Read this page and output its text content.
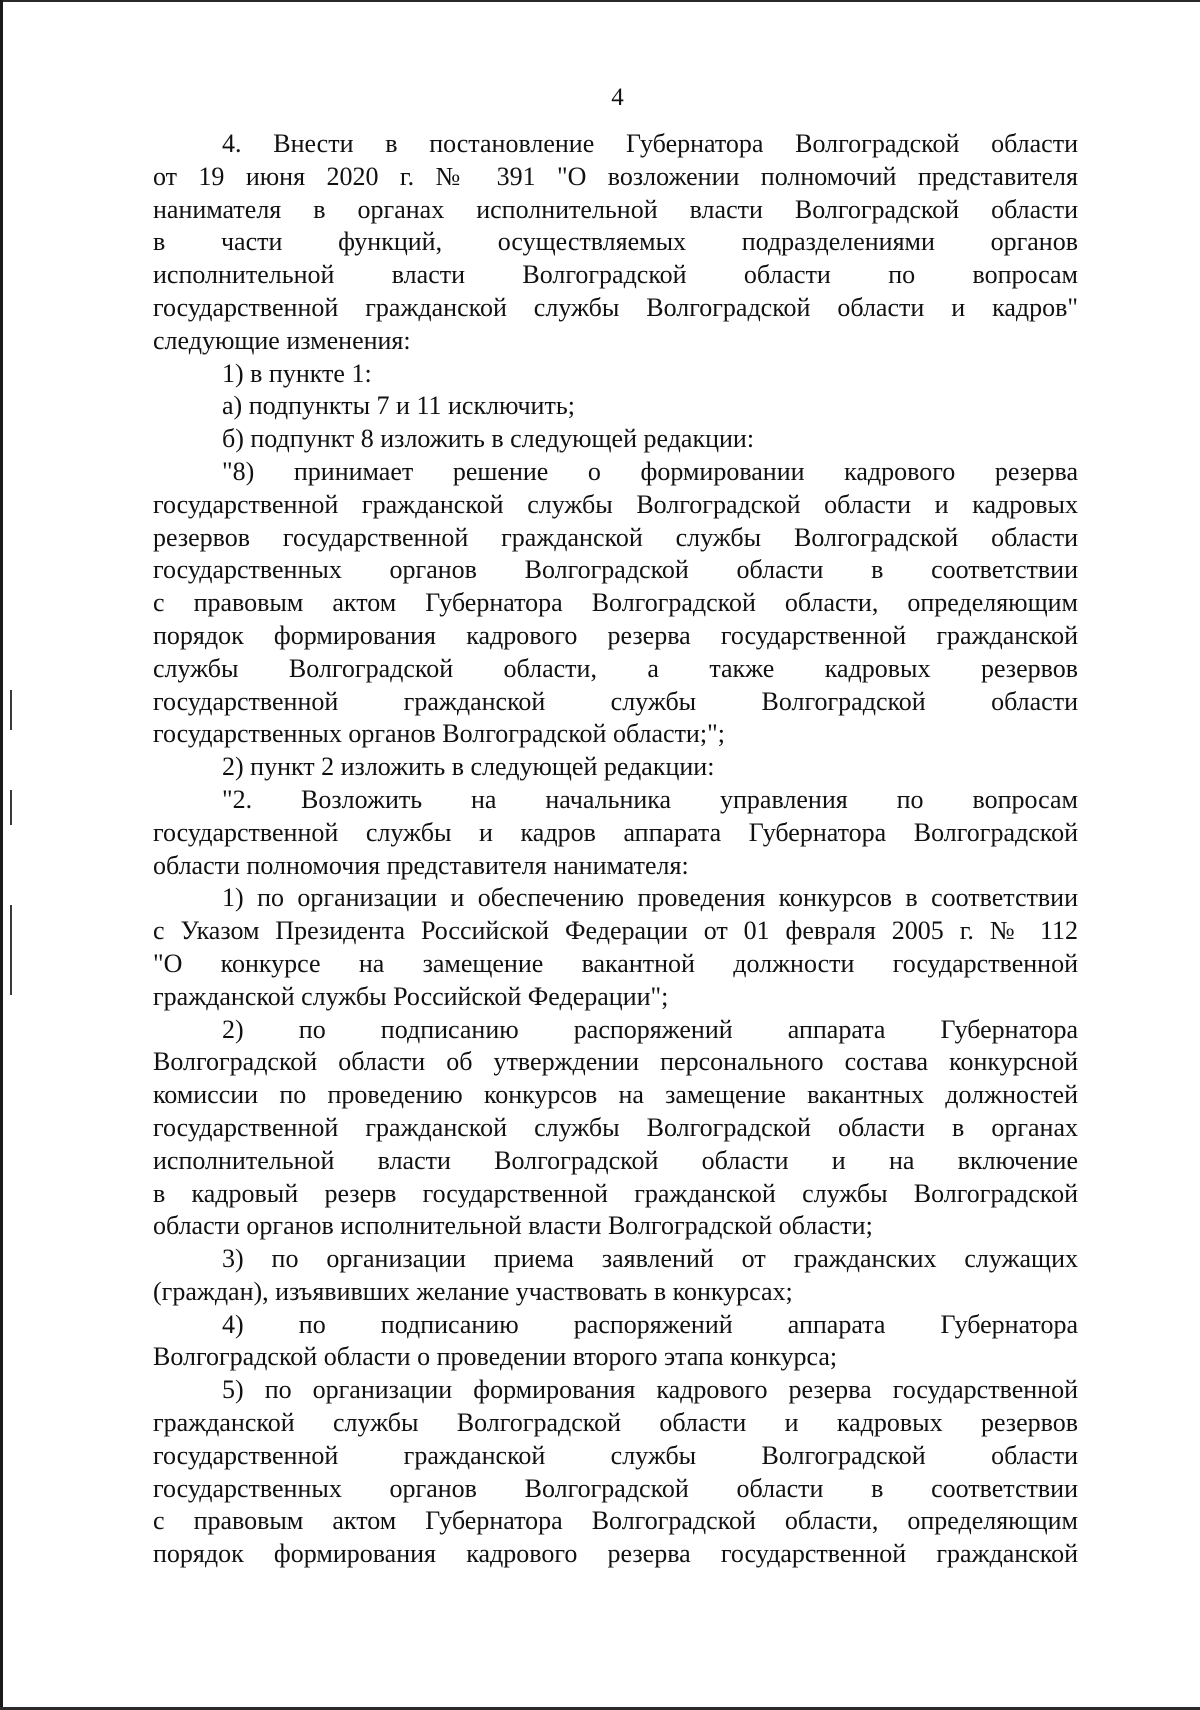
4

4. Внести в постановление Губернатора Волгоградской области

от 19 июня 2020 г. № 391 "О возложении полномочий представителя

нанимателя в органах исполнительной власти Волгоградской области

в части функций, осуществляемых подразделениями органов

исполнительной власти Волгоградской области по вопросам

государственной гражданской службы Волгоградской области и кадров"

следующие изменения:

1) в пункте 1:

а) подпункты 7 и 11 исключить;

б) подпункт 8 изложить в следующей редакции:

"8) принимает решение о формировании кадрового резерва

государственной гражданской службы Волгоградской области и кадровых

резервов государственной гражданской службы Волгоградской области

государственных органов Волгоградской области в соответствии

с правовым актом Губернатора Волгоградской области, определяющим

порядок формирования кадрового резерва государственной гражданской

службы Волгоградской области, а также кадровых резервов

государственной гражданской службы Волгоградской области

государственных органов Волгоградской области;";

2) пункт 2 изложить в следующей редакции:

"2. Возложить на начальника управления по вопросам

государственной службы и кадров аппарата Губернатора Волгоградской

области полномочия представителя нанимателя:

1) по организации и обеспечению проведения конкурсов в соответствии

с Указом Президента Российской Федерации от 01 февраля 2005 г. № 112

"О конкурсе на замещение вакантной должности государственной

гражданской службы Российской Федерации";

2) по подписанию распоряжений аппарата Губернатора

Волгоградской области об утверждении персонального состава конкурсной

комиссии по проведению конкурсов на замещение вакантных должностей

государственной гражданской службы Волгоградской области в органах

исполнительной власти Волгоградской области и на включение

в кадровый резерв государственной гражданской службы Волгоградской

области органов исполнительной власти Волгоградской области;

3) по организации приема заявлений от гражданских служащих

(граждан), изъявивших желание участвовать в конкурсах;

4) по подписанию распоряжений аппарата Губернатора

Волгоградской области о проведении второго этапа конкурса;

5) по организации формирования кадрового резерва государственной

гражданской службы Волгоградской области и кадровых резервов

государственной гражданской службы Волгоградской области

государственных органов Волгоградской области в соответствии

с правовым актом Губернатора Волгоградской области, определяющим

порядок формирования кадрового резерва государственной гражданской
